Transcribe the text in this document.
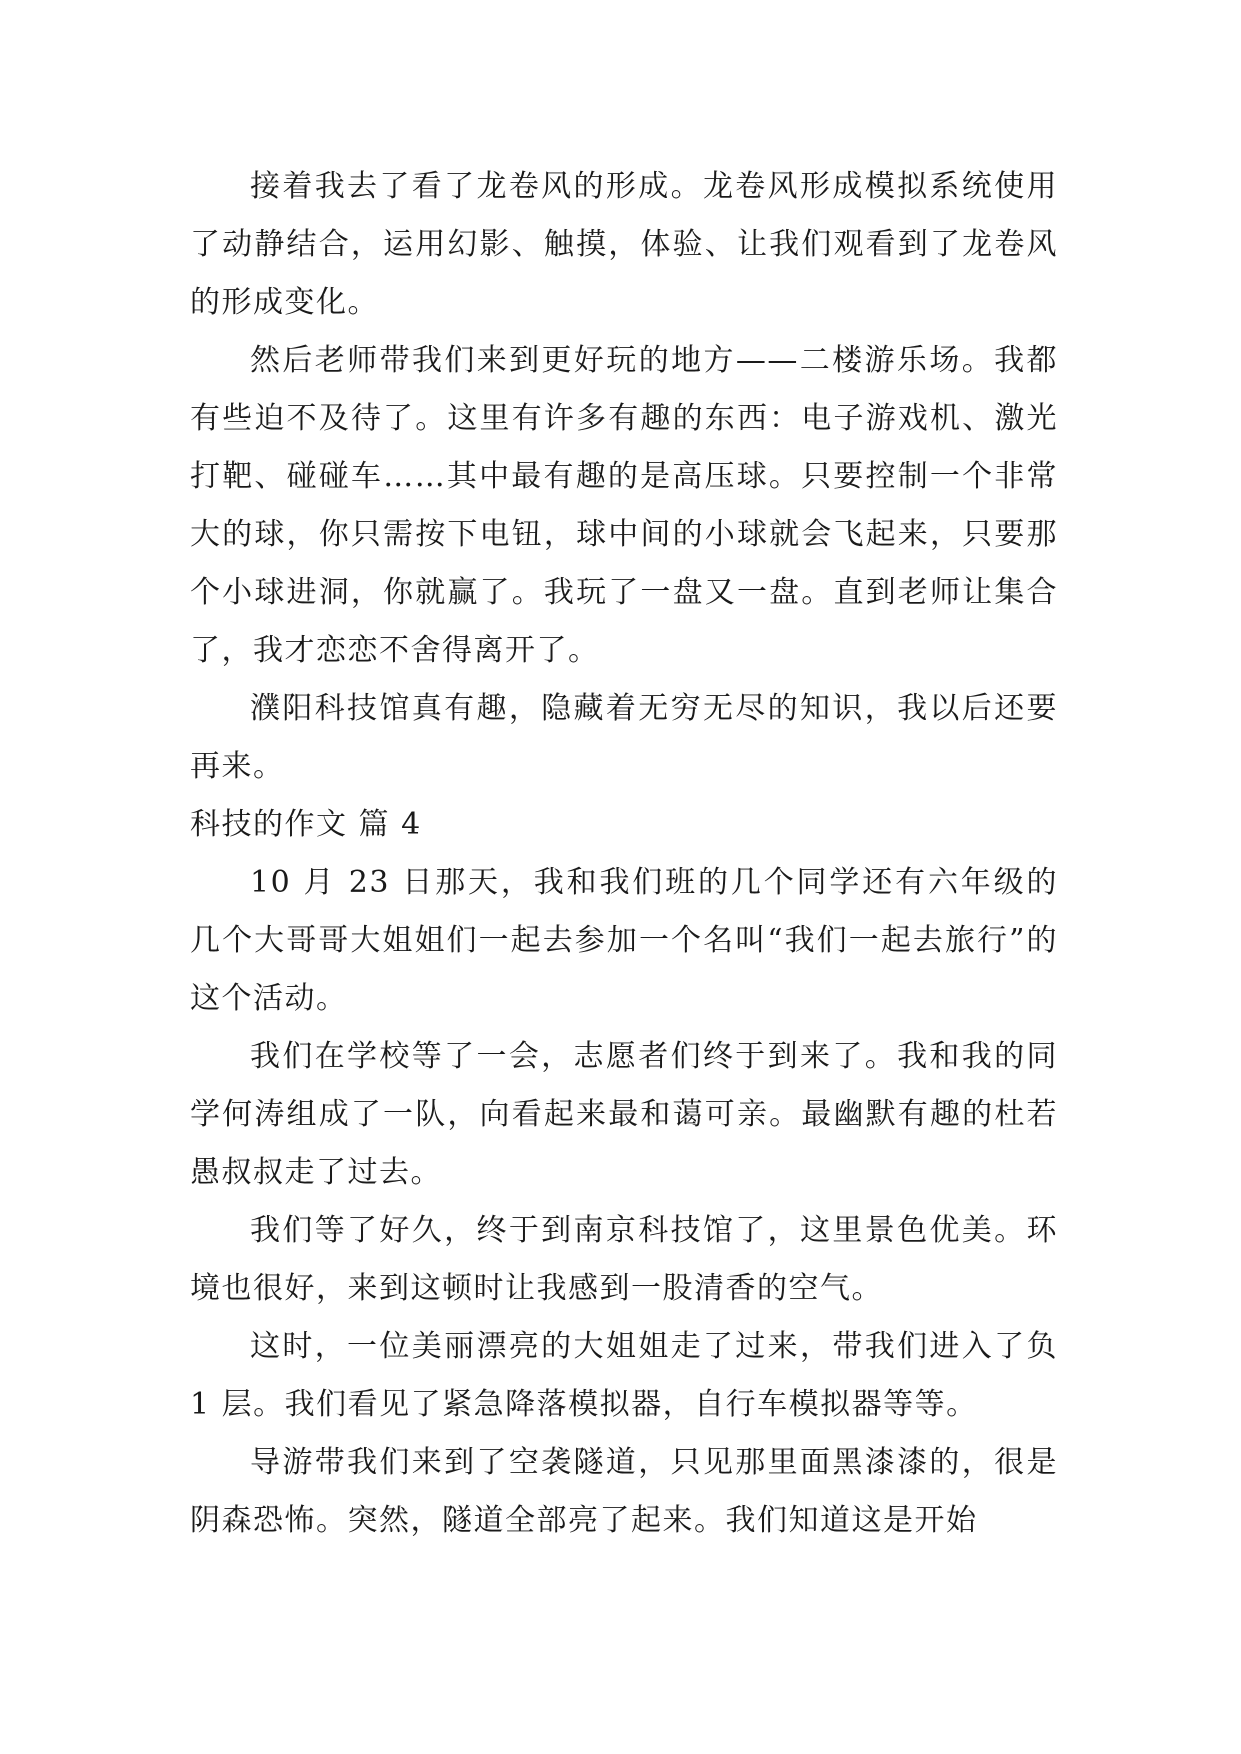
接着我去了看了龙卷风的形成。龙卷风形成模拟系统使用了动静结合，运用幻影、触摸，体验、让我们观看到了龙卷风的形成变化。

然后老师带我们来到更好玩的地方——二楼游乐场。我都有些迫不及待了。这里有许多有趣的东西：电子游戏机、激光打靶、碰碰车……其中最有趣的是高压球。只要控制一个非常大的球，你只需按下电钮，球中间的小球就会飞起来，只要那个小球进洞，你就赢了。我玩了一盘又一盘。直到老师让集合了，我才恋恋不舍得离开了。

濮阳科技馆真有趣，隐藏着无穷无尽的知识，我以后还要再来。

科技的作文 篇 4

10 月 23 日那天，我和我们班的几个同学还有六年级的几个大哥哥大姐姐们一起去参加一个名叫“我们一起去旅行”的这个活动。

我们在学校等了一会，志愿者们终于到来了。我和我的同学何涛组成了一队，向看起来最和蔼可亲。最幽默有趣的杜若愚叔叔走了过去。

我们等了好久，终于到南京科技馆了，这里景色优美。环境也很好，来到这顿时让我感到一股清香的空气。

这时，一位美丽漂亮的大姐姐走了过来，带我们进入了负 1 层。我们看见了紧急降落模拟器，自行车模拟器等等。

导游带我们来到了空袭隧道，只见那里面黑漆漆的，很是阴森恐怖。突然，隧道全部亮了起来。我们知道这是开始
